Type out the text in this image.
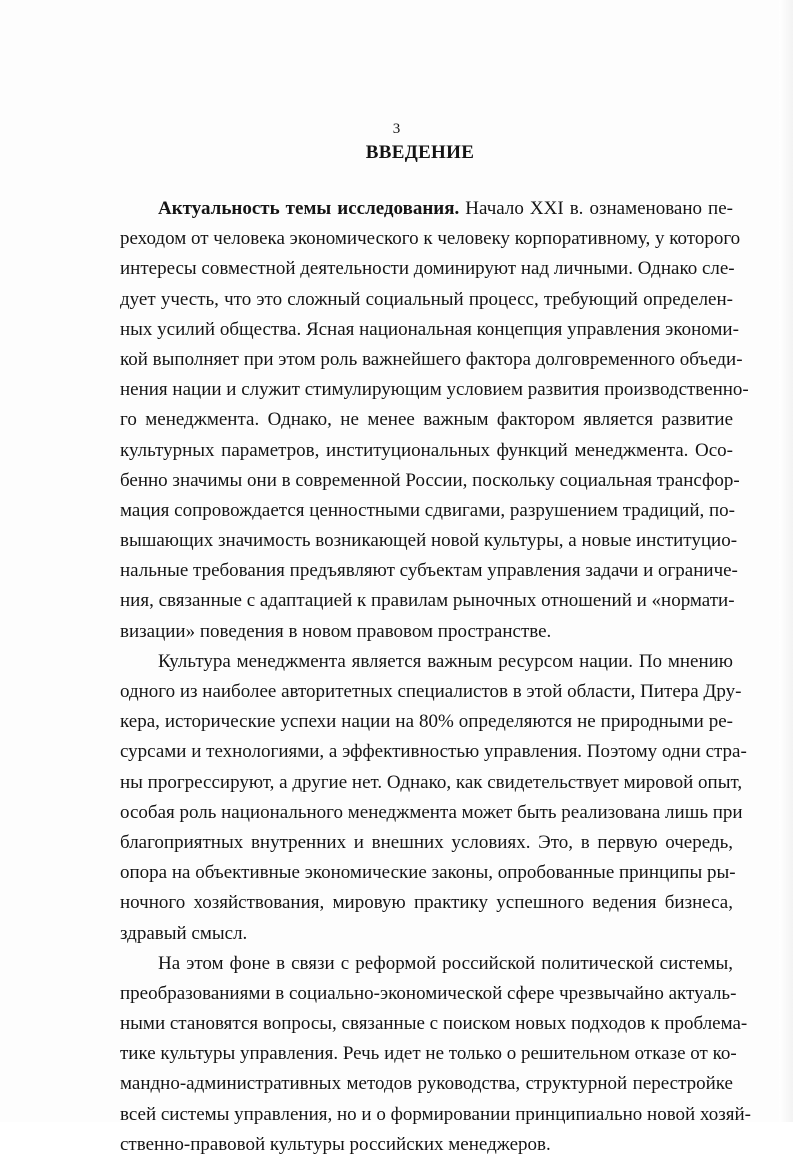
3
ВВЕДЕНИЕ
Актуальность темы исследования. Начало XXI в. ознаменовано пе-
реходом от человека экономического к человеку корпоративному, у которого
интересы совместной деятельности доминируют над личными. Однако сле-
дует учесть, что это сложный социальный процесс, требующий определен-
ных усилий общества. Ясная национальная концепция управления экономи-
кой выполняет при этом роль важнейшего фактора долговременного объеди-
нения нации и служит стимулирующим условием развития производственно-
го менеджмента. Однако, не менее важным фактором является развитие
культурных параметров, институциональных функций менеджмента. Осо-
бенно значимы они в современной России, поскольку социальная трансфор-
мация сопровождается ценностными сдвигами, разрушением традиций, по-
вышающих значимость возникающей новой культуры, а новые институцио-
нальные требования предъявляют субъектам управления задачи и ограниче-
ния, связанные с адаптацией к правилам рыночных отношений и «нормати-
визации» поведения в новом правовом пространстве.
Культура менеджмента является важным ресурсом нации. По мнению
одного из наиболее авторитетных специалистов в этой области, Питера Дру-
кера, исторические успехи нации на 80% определяются не природными ре-
сурсами и технологиями, а эффективностью управления. Поэтому одни стра-
ны прогрессируют, а другие нет. Однако, как свидетельствует мировой опыт,
особая роль национального менеджмента может быть реализована лишь при
благоприятных внутренних и внешних условиях. Это, в первую очередь,
опора на объективные экономические законы, опробованные принципы ры-
ночного хозяйствования, мировую практику успешного ведения бизнеса,
здравый смысл.
На этом фоне в связи с реформой российской политической системы,
преобразованиями в социально-экономической сфере чрезвычайно актуаль-
ными становятся вопросы, связанные с поиском новых подходов к проблема-
тике культуры управления. Речь идет не только о решительном отказе от ко-
мандно-административных методов руководства, структурной перестройке
всей системы управления, но и о формировании принципиально новой хозяй-
ственно-правовой культуры российских менеджеров.
